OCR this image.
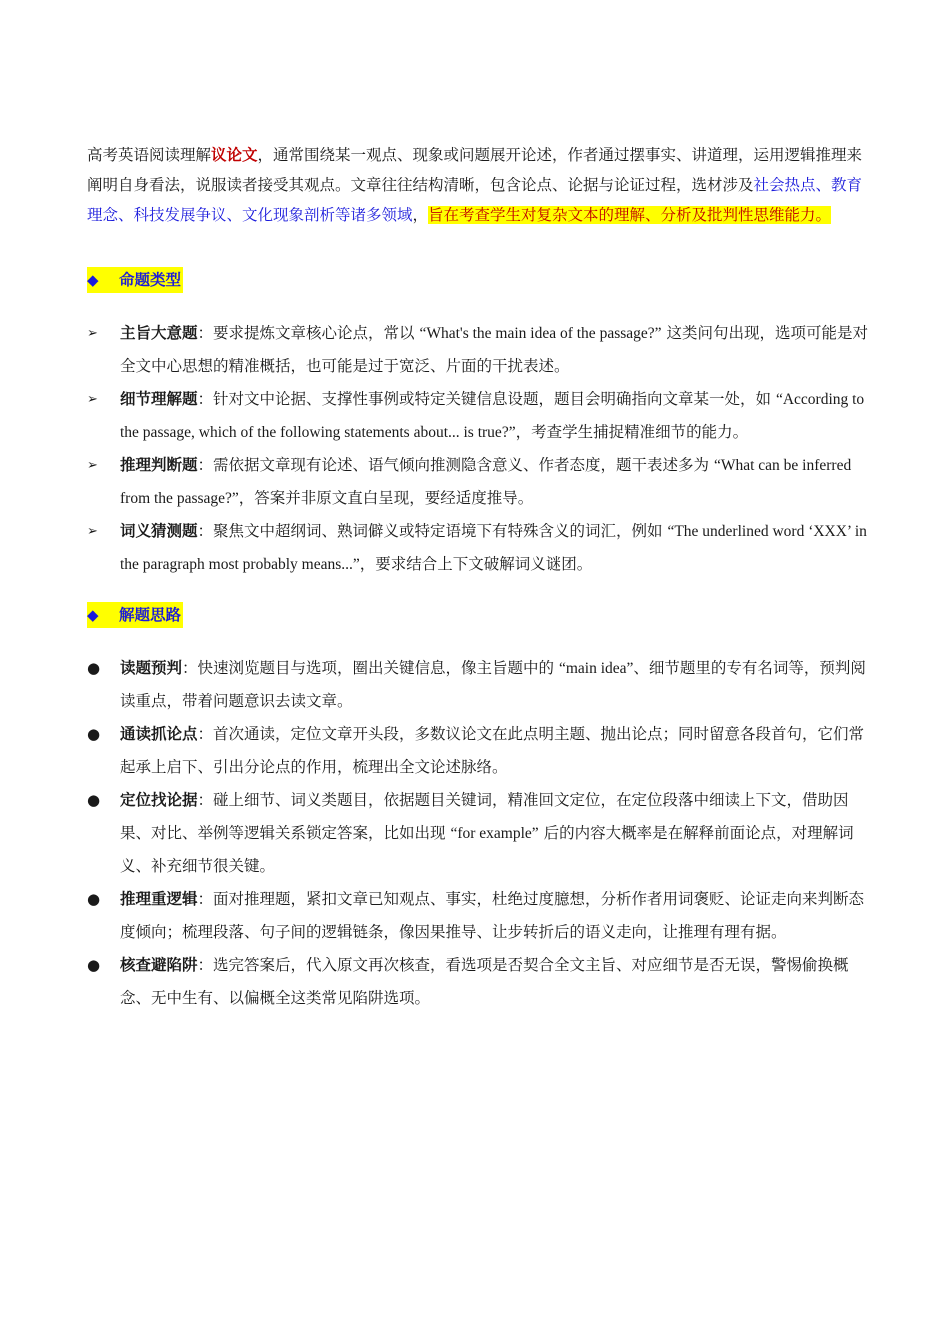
高考英语阅读理解议论文，通常围绕某一观点、现象或问题展开论述，作者通过摆事实、讲道理，运用逻辑推理来阐明自身看法，说服读者接受其观点。文章往往结构清晰，包含论点、论据与论证过程，选材涉及社会热点、教育理念、科技发展争议、文化现象剖析等诸多领域，旨在考查学生对复杂文本的理解、分析及批判性思维能力。

◆	命题类型
➢	主旨大意题：要求提炼文章核心论点，常以 “What's the main idea of the passage?” 这类问句出现，选项可能是对全文中心思想的精准概括，也可能是过于宽泛、片面的干扰表述。
➢	细节理解题：针对文中论据、支撑性事例或特定关键信息设题，题目会明确指向文章某一处，如 “According to the passage, which of the following statements about... is true?”，考查学生捕捉精准细节的能力。
➢	推理判断题：需依据文章现有论述、语气倾向推测隐含意义、作者态度，题干表述多为 “What can be inferred from the passage?”，答案并非原文直白呈现，要经适度推导。
➢	词义猜测题：聚焦文中超纲词、熟词僻义或特定语境下有特殊含义的词汇，例如 “The underlined word ‘XXX’ in the paragraph most probably means...”，要求结合上下文破解词义谜团。
◆	解题思路
●	读题预判：快速浏览题目与选项，圈出关键信息，像主旨题中的 “main idea”、细节题里的专有名词等，预判阅读重点，带着问题意识去读文章。
●	通读抓论点：首次通读，定位文章开头段，多数议论文在此点明主题、抛出论点；同时留意各段首句，它们常起承上启下、引出分论点的作用，梳理出全文论述脉络。
●	定位找论据：碰上细节、词义类题目，依据题目关键词，精准回文定位，在定位段落中细读上下文，借助因果、对比、举例等逻辑关系锁定答案，比如出现 “for example” 后的内容大概率是在解释前面论点，对理解词义、补充细节很关键。
●	推理重逻辑：面对推理题，紧扣文章已知观点、事实，杜绝过度臆想，分析作者用词褒贬、论证走向来判断态度倾向；梳理段落、句子间的逻辑链条，像因果推导、让步转折后的语义走向，让推理有理有据。
●	核查避陷阱：选完答案后，代入原文再次核查，看选项是否契合全文主旨、对应细节是否无误，警惕偷换概念、无中生有、以偏概全这类常见陷阱选项。
